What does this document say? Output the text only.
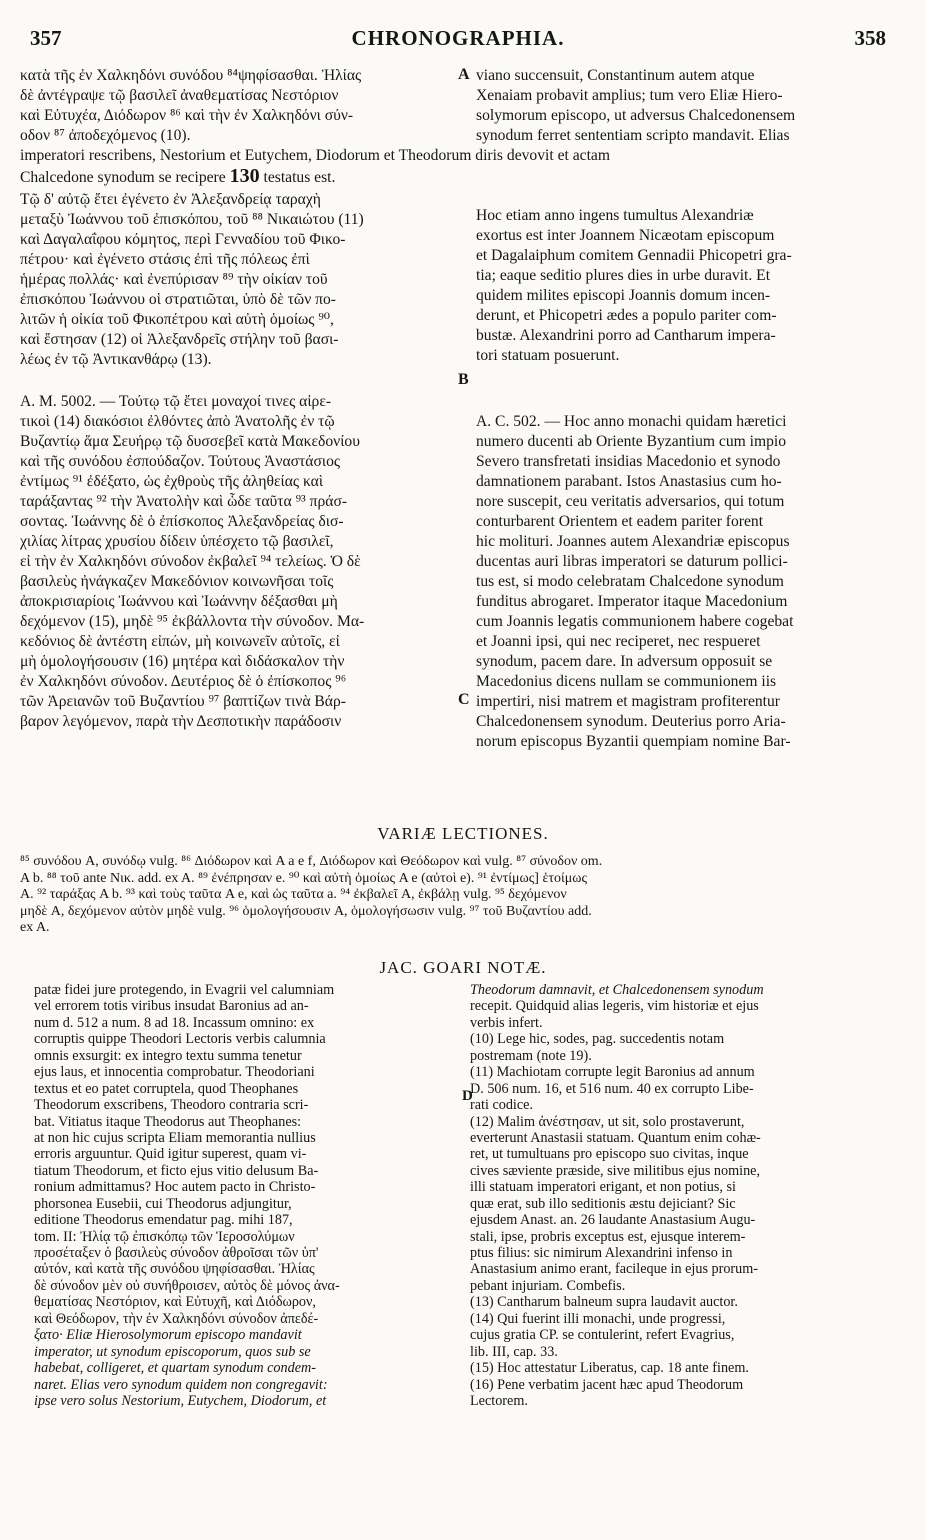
357	CHRONOGRAPHIA.	358
κατὰ τῆς ἐν Χαλκηδόνι συνόδου ⁸⁴ψηφίσασθαι. Ἠλίας
δὲ ἀντέγραψε τῷ βασιλεῖ ἀναθεματίσας Νεστόριον
καὶ Εὐτυχέα, Διόδωρον ⁸⁶ καὶ τὴν ἐν Χαλκηδόνι σύν-
οδον ⁸⁷ ἀποδεχόμενος (10).
A viano succensuit, Constantinum autem atque
Xenaiam probavit amplius; tum vero Eliæ Hiero-
solymorum episcopo, ut adversus Chalcedonensem
synodum ferret sententiam scripto mandavit. Elias
imperatori rescribens, Nestorium et Eutychem, Diodorum et Theodorum diris devovit et actam
Chalcedone synodum se recipere 130 testatus est.
Τῷ δ' αὐτῷ ἔτει ἐγένετο ἐν Ἀλεξανδρείᾳ ταραχὴ
μεταξὺ Ἰωάννου τοῦ ἐπισκόπου, τοῦ ⁸⁸ Νικαιώτου (11)
καὶ Δαγαλαΐφου κόμητος, περὶ Γενναδίου τοῦ Φικο-
πέτρου· καὶ ἐγένετο στάσις ἐπὶ τῆς πόλεως ἐπὶ
ἡμέρας πολλάς· καὶ ἐνεπύρισαν ⁸⁹ τὴν οἰκίαν τοῦ
ἐπισκόπου Ἰωάννου οἱ στρατιῶται, ὑπὸ δὲ τῶν πο-
λιτῶν ἡ οἰκία τοῦ Φικοπέτρου καὶ αὐτὴ ὁμοίως ⁹⁰,
καὶ ἔστησαν (12) οἱ Ἀλεξανδρεῖς στήλην τοῦ βασι-
λέως ἐν τῷ Ἀντικανθάρῳ (13).
Hoc etiam anno ingens tumultus Alexandriæ
exortus est inter Joannem Nicæotam episcopum
et Dagalaiphum comitem Gennadii Phicopetri gra-
tia; eaque seditio plures dies in urbe duravit. Et
quidem milites episcopi Joannis domum incen-
derunt, et Phicopetri ædes a populo pariter com-
bustæ. Alexandrini porro ad Cantharum impera-
tori statuam posuerunt.
B
Α. Μ. 5002. — Τούτῳ τῷ ἔτει μοναχοί τινες αἱρε-
τικοὶ (14) διακόσιοι ἐλθόντες ἀπὸ Ἀνατολῆς ἐν τῷ
Βυζαντίῳ ἅμα Σευήρῳ τῷ δυσσεβεῖ κατὰ Μακεδονίου
καὶ τῆς συνόδου ἐσπούδαζον. Τούτους Ἀναστάσιος
ἐντίμως ⁹¹ ἐδέξατο, ὡς ἐχθροὺς τῆς ἀληθείας καὶ
ταράξαντας ⁹² τὴν Ἀνατολὴν καὶ ὧδε ταῦτα ⁹³ πράσ-
σοντας. Ἰωάννης δὲ ὁ ἐπίσκοπος Ἀλεξανδρείας δισ-
χιλίας λίτρας χρυσίου δίδειν ὑπέσχετο τῷ βασιλεῖ,
εἰ τὴν ἐν Χαλκηδόνι σύνοδον ἐκβαλεῖ ⁹⁴ τελείως. Ὁ δὲ
βασιλεὺς ἠνάγκαζεν Μακεδόνιον κοινωνῆσαι τοῖς
ἀποκρισιαρίοις Ἰωάννου καὶ Ἰωάννην δέξασθαι μὴ
δεχόμενον (15), μηδὲ ⁹⁵ ἐκβάλλοντα τὴν σύνοδον. Μα-
κεδόνιος δὲ ἀντέστη εἰπών, μὴ κοινωνεῖν αὐτοῖς, εἰ
μὴ ὁμολογήσουσιν (16) μητέρα καὶ διδάσκαλον τὴν
ἐν Χαλκηδόνι σύνοδον. Δευτέριος δὲ ὁ ἐπίσκοπος ⁹⁶
τῶν Ἀρειανῶν τοῦ Βυζαντίου ⁹⁷ βαπτίζων τινὰ Βάρ-
βαρον λεγόμενον, παρὰ τὴν Δεσποτικὴν παράδοσιν
A. C. 502. — Hoc anno monachi quidam hæretici
numero ducenti ab Oriente Byzantium cum impio
Severo transfretati insidias Macedonio et synodo
damnationem parabant. Istos Anastasius cum ho-
nore suscepit, ceu veritatis adversarios, qui totum
conturbarent Orientem et eadem pariter forent
hic molituri. Joannes autem Alexandriæ episcopus
ducentas auri libras imperatori se daturum pollici-
tus est, si modo celebratam Chalcedone synodum
funditus abrogaret. Imperator itaque Macedonium
cum Joannis legatis communionem habere cogebat
et Joanni ipsi, qui nec reciperet, nec respueret
synodum, pacem dare. In adversum opposuit se
Macedonius dicens nullam se communionem iis
impertiri, nisi matrem et magistram profiterentur
Chalcedonensem synodum. Deuterius porro Aria-
norum episcopus Byzantii quempiam nomine Bar-
C
VARIÆ LECTIONES.
⁸⁵ συνόδου A, συνόδῳ vulg. ⁸⁶ Διόδωρον καὶ A a e f, Διόδωρον καὶ Θεόδωρον καὶ vulg. ⁸⁷ σύνοδον om.
A b. ⁸⁸ τοῦ ante Νικ. add. ex A. ⁸⁹ ἐνέπρησαν e. ⁹⁰ καὶ αὐτὴ ὁμοίως A e (αὐτοὶ e). ⁹¹ ἐντίμως] ἑτοίμως
A. ⁹² ταράξας A b. ⁹³ καὶ τοὺς ταῦτα A e, καὶ ὡς ταῦτα a. ⁹⁴ ἐκβαλεῖ A, ἐκβάλῃ vulg. ⁹⁵ δεχόμενον
μηδὲ A, δεχόμενον αὐτὸν μηδὲ vulg. ⁹⁶ ὁμολογήσουσιν A, ὁμολογήσωσιν vulg. ⁹⁷ τοῦ Βυζαντίου add.
ex A.
JAC. GOARI NOTÆ.
patæ fidei jure protegendo, in Evagrii vel calumniam
vel errorem totis viribus insudat Baronius ad an-
num d. 512 a num. 8 ad 18. Incassum omnino: ex
corruptis quippe Theodori Lectoris verbis calumnia
omnis exsurgit: ex integro textu summa tenetur
ejus laus, et innocentia comprobatur. Theodoriani
textus et eo patet corruptela, quod Theophanes
Theodorum exscribens, Theodoro contraria scri-
bat. Vitiatus itaque Theodorus aut Theophanes:
at non hic cujus scripta Eliam memorantia nullius
erroris arguuntur. Quid igitur superest, quam vi-
tiatum Theodorum, et ficto ejus vitio delusum Ba-
ronium admittamus? Hoc autem pacto in Christo-
phorsonea Eusebii, cui Theodorus adjungitur,
editione Theodorus emendatur pag. mihi 187,
tom. II: Ἠλίᾳ τῷ ἐπισκόπῳ τῶν Ἱεροσολύμων
προσέταξεν ὁ βασιλεὺς σύνοδον ἀθροῖσαι τῶν ὑπ'
αὐτόν, καὶ κατὰ τῆς συνόδου ψηφίσασθαι. Ἠλίας
δὲ σύνοδον μὲν οὐ συνήθροισεν, αὐτὸς δὲ μόνος ἀνα-
θεματίσας Νεστόριον, καὶ Εὐτυχῆ, καὶ Διόδωρον,
καὶ Θεόδωρον, τὴν ἐν Χαλκηδόνι σύνοδον ἀπεδέ-
ξατο· Eliæ Hierosolymorum episcopo mandavit
imperator, ut synodum episcoporum, quos sub se
habebat, colligeret, et quartam synodum condem-
naret. Elias vero synodum quidem non congregavit:
ipse vero solus Nestorium, Eutychem, Diodorum, et
D
Theodorum damnavit, et Chalcedonensem synodum
recepit. Quidquid alias legeris, vim historiæ et ejus
verbis infert.
(10) Lege hic, sodes, pag. succedentis notam
postremam (note 19).
(11) Machiotam corrupte legit Baronius ad annum
D. 506 num. 16, et 516 num. 40 ex corrupto Libe-
rati codice.
(12) Malim ἀνέστησαν, ut sit, solo prostaverunt,
everterunt Anastasii statuam. Quantum enim cohæ-
ret, ut tumultuans pro episcopo suo civitas, inque
cives sæviente præside, sive militibus ejus nomine,
illi statuam imperatori erigant, et non potius, si
quæ erat, sub illo seditionis æstu dejiciant? Sic
ejusdem Anast. an. 26 laudante Anastasium Augu-
stali, ipse, probris exceptus est, ejusque interem-
ptus filius: sic nimirum Alexandrini infenso in
Anastasium animo erant, facileque in ejus prorum-
pebant injuriam. Combefis.
(13) Cantharum balneum supra laudavit auctor.
(14) Qui fuerint illi monachi, unde progressi,
cujus gratia CP. se contulerint, refert Evagrius,
lib. III, cap. 33.
(15) Hoc attestatur Liberatus, cap. 18 ante finem.
(16) Pene verbatim jacent hæc apud Theodorum
Lectorem.
